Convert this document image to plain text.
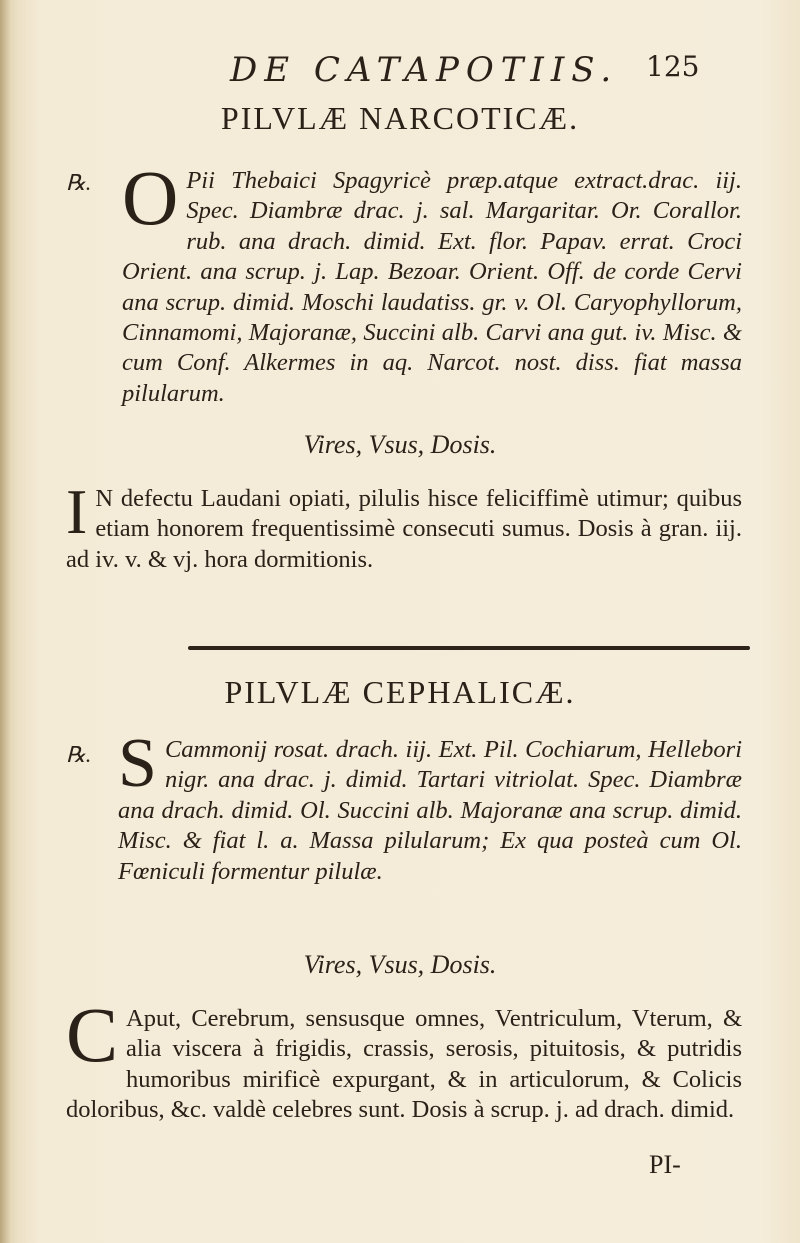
DE CATAPOTIIS. 125
PILVLÆ NARCOTICÆ.
℞. O Pii Thebaici Spagyricè præp.atque extract.drac. iij. Spec. Diambræ drac. j. sal. Margaritar. Or. Corallor. rub. ana drach. dimid. Ext. flor. Papav. errat. Croci Orient. ana scrup. j. Lap. Bezoar. Orient. Off. de corde Cervi ana scrup. dimid. Moschi laudatiss. gr. v. Ol. Caryophyllorum, Cinnamomi, Majoranæ, Succini alb. Carvi ana gut. iv. Misc. & cum Conf. Alkermes in aq. Narcot. nost. diss. fiat massa pilularum.
Vires, Vsus, Dosis.
I N defectu Laudani opiati, pilulis hisce feliciffimè utimur; quibus etiam honorem frequentissimè consecuti sumus. Dosis à gran. iij. ad iv. v. & vj. hora dormitionis.
PILVLÆ CEPHALICÆ.
℞. S Cammonij rosat. drach. iij. Ext. Pil. Cochiarum, Hellebori nigr. ana drac. j. dimid. Tartari vitriolat. Spec. Diambræ ana drach. dimid. Ol. Succini alb. Majoranæ ana scrup. dimid. Misc. & fiat l. a. Massa pilularum; Ex qua posteà cum Ol. Fœniculi formentur pilulæ.
Vires, Vsus, Dosis.
C Aput, Cerebrum, sensusque omnes, Ventriculum, Vterum, & alia viscera à frigidis, crassis, serosis, pituitosis, & putridis humoribus mirificè expurgant, & in articulorum, & Colicis doloribus, &c. valdè celebres sunt. Dosis à scrup. j. ad drach. dimid.
PI-
